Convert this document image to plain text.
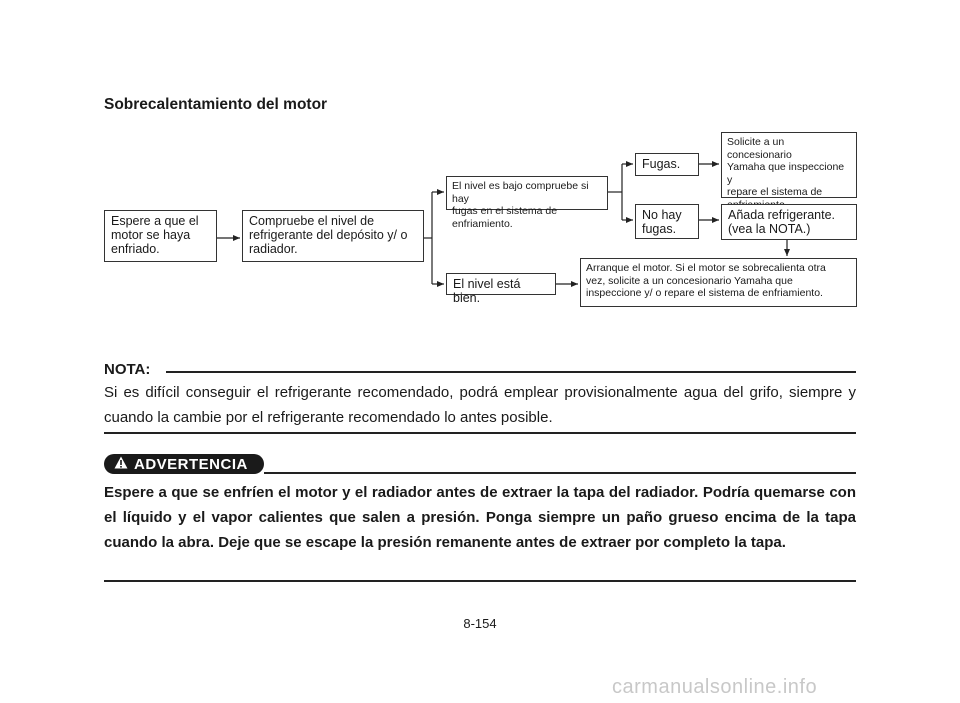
Sobrecalentamiento del motor
Espere a que el
motor se haya
enfriado.
Compruebe el nivel de
refrigerante del depósito y/ o
radiador.
El nivel es bajo compruebe si hay
fugas en el sistema de enfriamiento.
El nivel está bien.
Fugas.
No hay
fugas.
Solicite a un concesionario
Yamaha que inspeccione y
repare el sistema de

Añada refrigerante.
(vea la NOTA.)
Arranque el motor. Si el motor se sobrecalienta otra
vez, solicite a un concesionario Yamaha que
inspeccione y/ o repare el sistema de enfriamiento.
NOTA:
Si es difícil conseguir el refrigerante recomendado, podrá emplear provisionalmente agua del grifo, siempre y cuando la cambie por el refrigerante recomendado lo antes posible.
ADVERTENCIA
Espere a que se enfríen el motor y el radiador antes de extraer la tapa del radiador. Podría quemarse con el líquido y el vapor calientes que salen a presión. Ponga siempre un paño grueso encima de la tapa cuando la abra. Deje que se escape la presión remanente antes de extraer por completo la tapa.
8-154
carmanualsonline.info
